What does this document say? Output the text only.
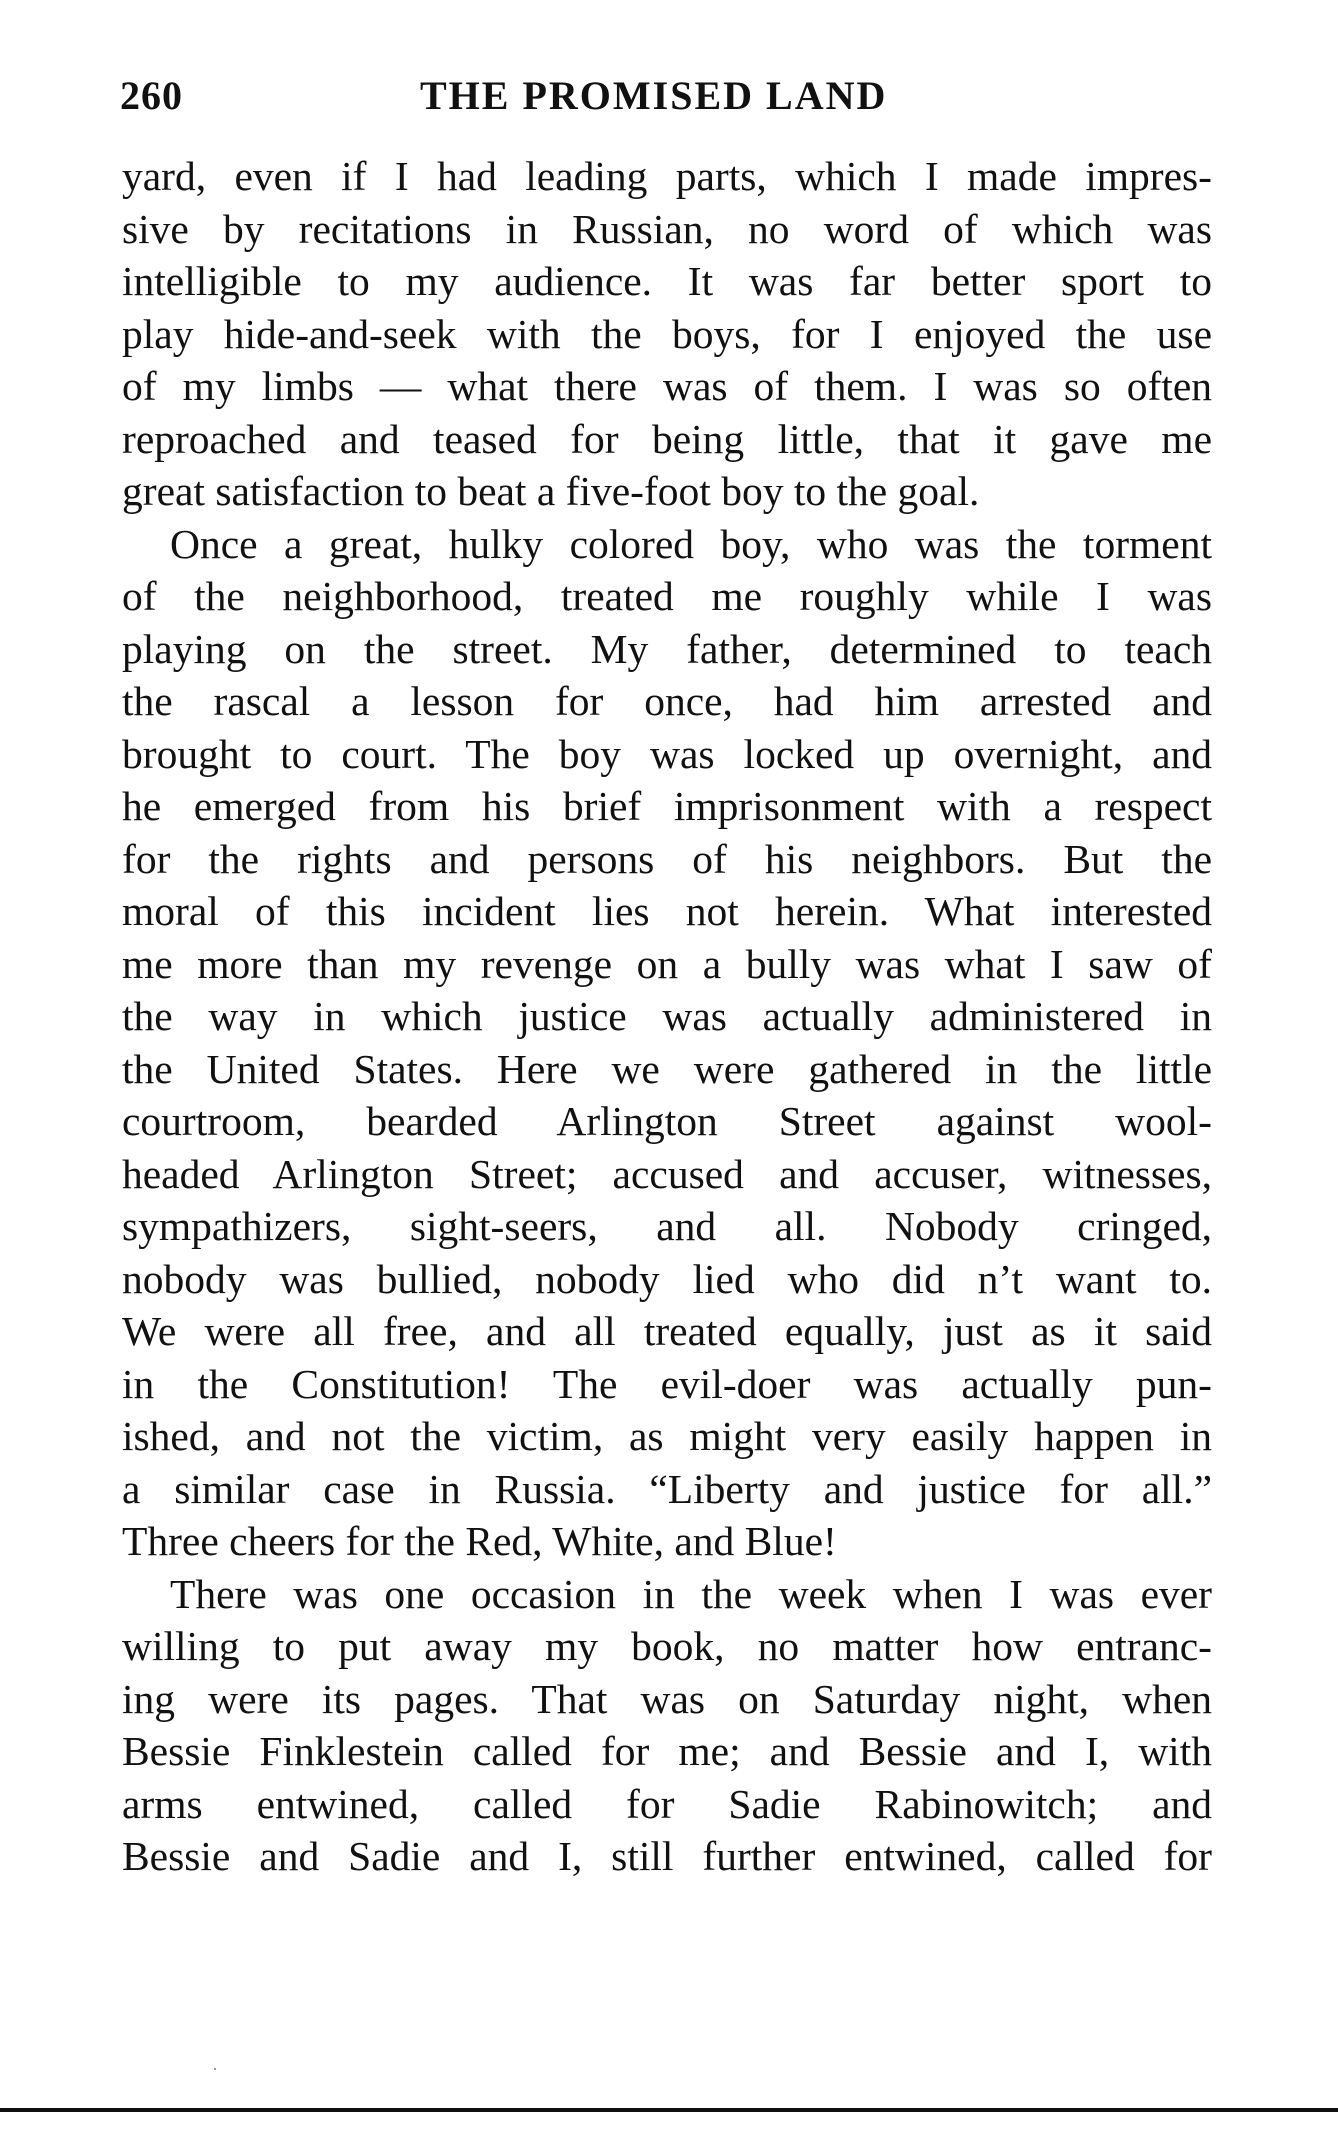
260	THE PROMISED LAND
yard, even if I had leading parts, which I made impres-
sive by recitations in Russian, no word of which was
intelligible to my audience. It was far better sport to
play hide-and-seek with the boys, for I enjoyed the use
of my limbs — what there was of them. I was so often
reproached and teased for being little, that it gave me
great satisfaction to beat a five-foot boy to the goal.
Once a great, hulky colored boy, who was the torment
of the neighborhood, treated me roughly while I was
playing on the street. My father, determined to teach
the rascal a lesson for once, had him arrested and
brought to court. The boy was locked up overnight, and
he emerged from his brief imprisonment with a respect
for the rights and persons of his neighbors. But the
moral of this incident lies not herein. What interested
me more than my revenge on a bully was what I saw of
the way in which justice was actually administered in
the United States. Here we were gathered in the little
courtroom, bearded Arlington Street against wool-
headed Arlington Street; accused and accuser, witnesses,
sympathizers, sight-seers, and all. Nobody cringed,
nobody was bullied, nobody lied who did n’t want to.
We were all free, and all treated equally, just as it said
in the Constitution! The evil-doer was actually pun-
ished, and not the victim, as might very easily happen in
a similar case in Russia. “Liberty and justice for all.”
Three cheers for the Red, White, and Blue!
There was one occasion in the week when I was ever
willing to put away my book, no matter how entranc-
ing were its pages. That was on Saturday night, when
Bessie Finklestein called for me; and Bessie and I, with
arms entwined, called for Sadie Rabinowitch; and
Bessie and Sadie and I, still further entwined, called for
